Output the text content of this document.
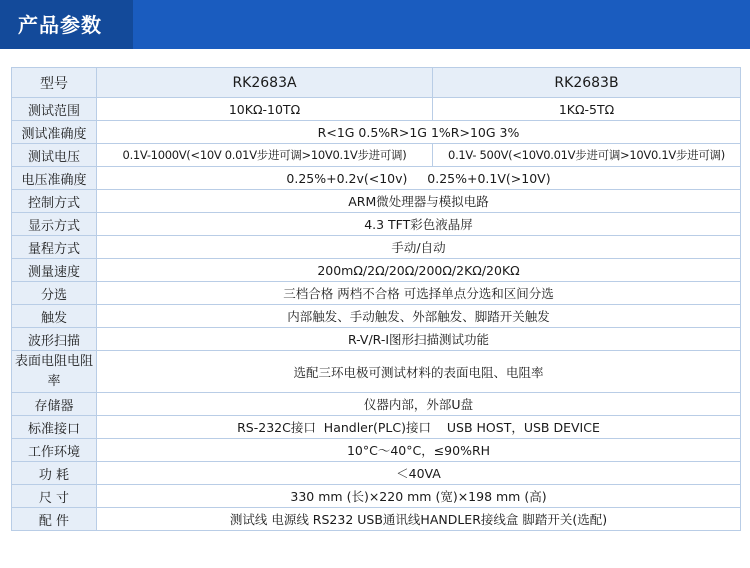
产品参数
型号	RK2683A	RK2683B
测试范围	10KΩ-10TΩ	1KΩ-5TΩ
测试准确度	R<1G 0.5%R>1G 1%R>10G 3%	
测试电压	0.1V-1000V(<10V 0.01V步进可调>10V0.1V步进可调)	0.1V- 500V(<10V0.01V步进可调>10V0.1V步进可调)
电压准确度	0.25%+0.2v(<10v)     0.25%+0.1V(>10V)	
控制方式	ARM微处理器与模拟电路	
显示方式	4.3 TFT彩色液晶屏	
量程方式	手动/自动	
测量速度	200mΩ/2Ω/20Ω/200Ω/2KΩ/20KΩ	
分选	三档合格 两档不合格 可选择单点分选和区间分选	
触发	内部触发、手动触发、外部触发、脚踏开关触发	
波形扫描	R-V/R-I图形扫描测试功能	
表面电阻电阻率	选配三环电极可测试材料的表面电阻、电阻率	
存储器	仪器内部，外部U盘	
标准接口	RS-232C接口  Handler(PLC)接口    USB HOST，USB DEVICE	
工作环境	10°C～40°C，≤90%RH	
功 耗	＜40VA	
尺 寸	330 mm (长)×220 mm (宽)×198 mm (高)	
配 件	测试线 电源线 RS232 USB通讯线HANDLER接线盒 脚踏开关(选配)	
